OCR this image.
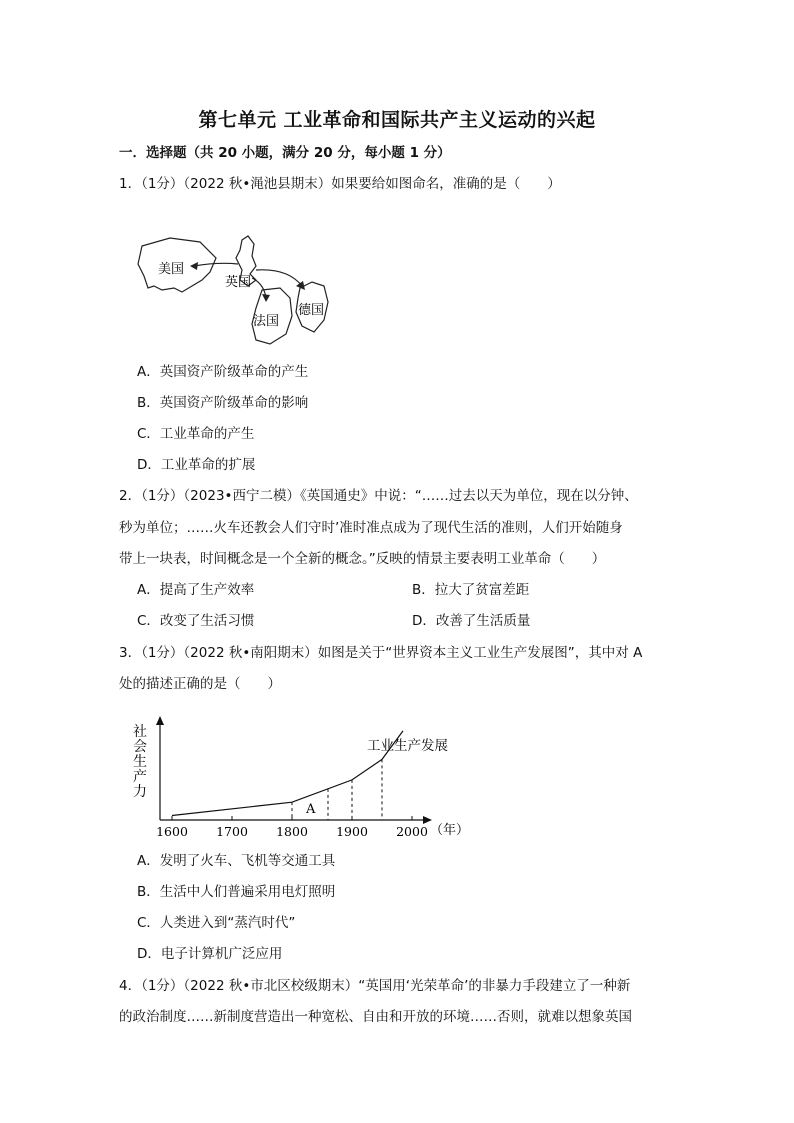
第七单元 工业革命和国际共产主义运动的兴起
一．选择题（共 20 小题，满分 20 分，每小题 1 分）
1．（1分）（2022 秋•渑池县期末）如果要给如图命名，准确的是（　　）
美国
英国
法国
德国
A．英国资产阶级革命的产生
B．英国资产阶级革命的影响
C．工业革命的产生
D．工业革命的扩展
2．（1分）（2023•西宁二模）《英国通史》中说：“……过去以天为单位，现在以分钟、
秒为单位；……火车还教会人们守时’准时准点成为了现代生活的准则，人们开始随身
带上一块表，时间概念是一个全新的概念。”反映的情景主要表明工业革命（　　）
A．提高了生产效率	B．拉大了贫富差距
C．改变了生活习惯	D．改善了生活质量
3．（1分）（2022 秋•南阳期末）如图是关于“世界资本主义工业生产发展图”，其中对 A
处的描述正确的是（　　）
社
会
生
产
力
1600 1700 1800 1900 2000
工业生产发展
A
（年）
A．发明了火车、飞机等交通工具
B．生活中人们普遍采用电灯照明
C．人类进入到“蒸汽时代”
D．电子计算机广泛应用
4．（1分）（2022 秋•市北区校级期末）“英国用‘光荣革命’的非暴力手段建立了一种新
的政治制度……新制度营造出一种宽松、自由和开放的环境……否则，就难以想象英国
